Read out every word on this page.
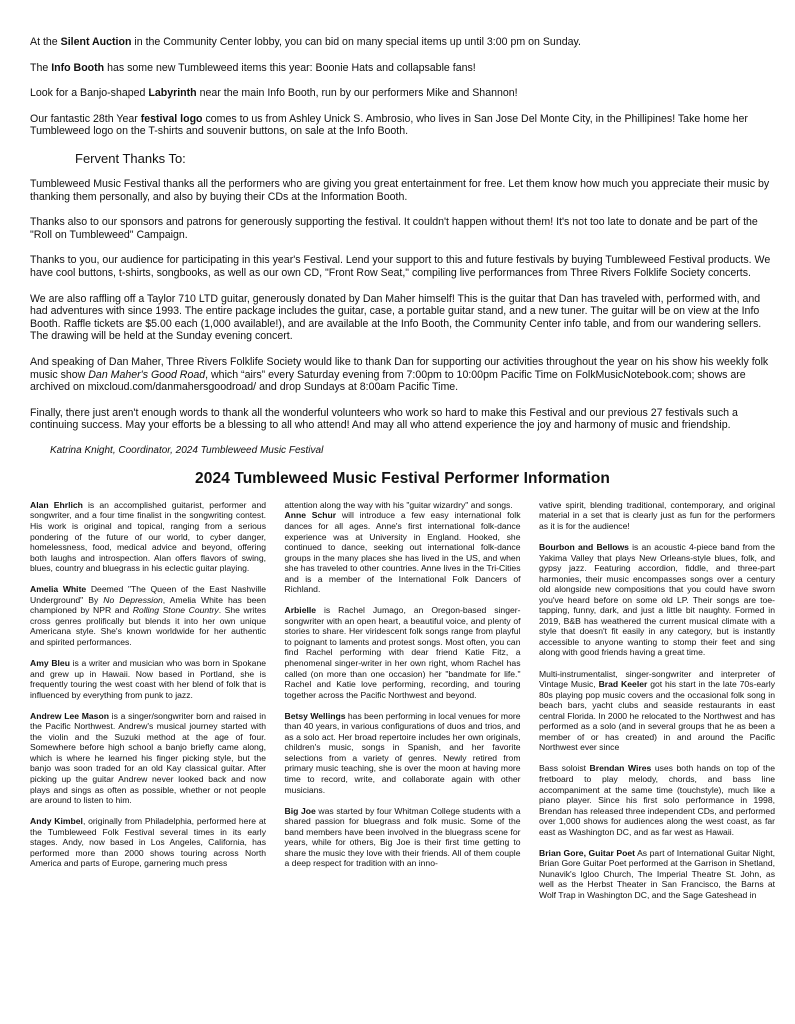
At the Silent Auction in the Community Center lobby, you can bid on many special items up until 3:00 pm on Sunday.

The Info Booth has some new Tumbleweed items this year: Boonie Hats and collapsable fans!

Look for a Banjo-shaped Labyrinth near the main Info Booth, run by our performers Mike and Shannon!

Our fantastic 28th Year festival logo comes to us from Ashley Unick S. Ambrosio, who lives in San Jose Del Monte City, in the Phillipines! Take home her Tumbleweed logo on the T-shirts and souvenir buttons, on sale at the Info Booth.

Fervent Thanks To:

Tumbleweed Music Festival thanks all the performers who are giving you great entertainment for free. Let them know how much you appreciate their music by thanking them personally, and also by buying their CDs at the Information Booth.

Thanks also to our sponsors and patrons for generously supporting the festival. It couldn't happen without them! It's not too late to donate and be part of the "Roll on Tumbleweed" Campaign.

Thanks to you, our audience for participating in this year's Festival. Lend your support to this and future festivals by buying Tumbleweed Festival products. We have cool buttons, t-shirts, songbooks, as well as our own CD, "Front Row Seat," compiling live performances from Three Rivers Folklife Society concerts.

We are also raffling off a Taylor 710 LTD guitar, generously donated by Dan Maher himself! This is the guitar that Dan has traveled with, performed with, and had adventures with since 1993. The entire package includes the guitar, case, a portable guitar stand, and a new tuner. The guitar will be on view at the Info Booth. Raffle tickets are $5.00 each (1,000 available!), and are available at the Info Booth, the Community Center info table, and from our wandering sellers. The drawing will be held at the Sunday evening concert.

And speaking of Dan Maher, Three Rivers Folklife Society would like to thank Dan for supporting our activities throughout the year on his show his weekly folk music show Dan Maher's Good Road, which “airs” every Saturday evening from 7:00pm to 10:00pm Pacific Time on FolkMusicNotebook.com; shows are archived on mixcloud.com/danmahersgoodroad/ and drop Sundays at 8:00am Pacific Time.

Finally, there just aren't enough words to thank all the wonderful volunteers who work so hard to make this Festival and our previous 27 festivals such a continuing success. May your efforts be a blessing to all who attend! And may all who attend experience the joy and harmony of music and friendship.

Katrina Knight, Coordinator, 2024 Tumbleweed Music Festival
2024 Tumbleweed Music Festival Performer Information

Alan Ehrlich is an accomplished guitarist, performer and songwriter, and a four time finalist in the songwriting contest. His work is original and topical, ranging from a serious pondering of the future of our world, to cyber danger, homelessness, food, medical advice and beyond, offering both laughs and introspection. Alan offers flavors of swing, blues, country and bluegrass in his eclectic guitar playing.

Amelia White Deemed "The Queen of the East Nashville Underground" By No Depression, Amelia White has been championed by NPR and Rolling Stone Country. She writes cross genres prolifically but blends it into her own unique Americana style. She's known worldwide for her authentic and spirited performances.

Amy Bleu is a writer and musician who was born in Spokane and grew up in Hawaii. Now based in Portland, she is frequently touring the west coast with her blend of folk that is influenced by everything from punk to jazz.

Andrew Lee Mason is a singer/songwriter born and raised in the Pacific Northwest. Andrew's musical journey started with the violin and the Suzuki method at the age of four. Somewhere before high school a banjo briefly came along, which is where he learned his finger picking style, but the banjo was soon traded for an old Kay classical guitar. After picking up the guitar Andrew never looked back and now plays and sings as often as possible, whether or not people are around to listen to him.

Andy Kimbel, originally from Philadelphia, performed here at the Tumbleweed Folk Festival several times in its early stages. Andy, now based in Los Angeles, California, has performed more than 2000 shows touring across North America and parts of Europe, garnering much press

attention along the way with his "guitar wizardry" and songs.

Anne Schur will introduce a few easy international folk dances for all ages. Anne's first international folk-dance experience was at University in England. Hooked, she continued to dance, seeking out international folk-dance groups in the many places she has lived in the US, and when she has traveled to other countries. Anne lives in the Tri-Cities and is a member of the International Folk Dancers of Richland.

Arbielle is Rachel Jumago, an Oregon-based singer-songwriter with an open heart, a beautiful voice, and plenty of stories to share. Her viridescent folk songs range from playful to poignant to laments and protest songs. Most often, you can find Rachel performing with dear friend Katie Fitz, a phenomenal singer-writer in her own right, whom Rachel has called (on more than one occasion) her "bandmate for life." Rachel and Katie love performing, recording, and touring together across the Pacific Northwest and beyond.

Betsy Wellings has been performing in local venues for more than 40 years, in various configurations of duos and trios, and as a solo act. Her broad repertoire includes her own originals, children's music, songs in Spanish, and her favorite selections from a variety of genres. Newly retired from primary music teaching, she is over the moon at having more time to record, write, and collaborate again with other musicians.

Big Joe was started by four Whitman College students with a shared passion for bluegrass and folk music. Some of the band members have been involved in the bluegrass scene for years, while for others, Big Joe is their first time getting to share the music they love with their friends. All of them couple a deep respect for tradition with an inno-

vative spirit, blending traditional, contemporary, and original material in a set that is clearly just as fun for the performers as it is for the audience!

Bourbon and Bellows is an acoustic 4-piece band from the Yakima Valley that plays New Orleans-style blues, folk, and gypsy jazz. Featuring accordion, fiddle, and three-part harmonies, their music encompasses songs over a century old alongside new compositions that you could have sworn you've heard before on some old LP. Their songs are toe-tapping, funny, dark, and just a little bit naughty. Formed in 2019, B&B has weathered the current musical climate with a style that doesn't fit easily in any category, but is instantly accessible to anyone wanting to stomp their feet and sing along with good friends having a great time.

Multi-instrumentalist, singer-songwriter and interpreter of Vintage Music, Brad Keeler got his start in the late 70s-early 80s playing pop music covers and the occasional folk song in beach bars, yacht clubs and seaside restaurants in east central Florida. In 2000 he relocated to the Northwest and has performed as a solo (and in several groups that he as been a member of or has created) in and around the Pacific Northwest ever since

Bass soloist Brendan Wires uses both hands on top of the fretboard to play melody, chords, and bass line accompaniment at the same time (touchstyle), much like a piano player. Since his first solo performance in 1998, Brendan has released three independent CDs, and performed over 1,000 shows for audiences along the west coast, as far east as Washington DC, and as far west as Hawaii.

Brian Gore, Guitar Poet As part of International Guitar Night, Brian Gore Guitar Poet performed at the Garrison in Shetland, Nunavik's Igloo Church, The Imperial Theatre St. John, as well as the Herbst Theater in San Francisco, the Barns at Wolf Trap in Washington DC, and the Sage Gateshead in
